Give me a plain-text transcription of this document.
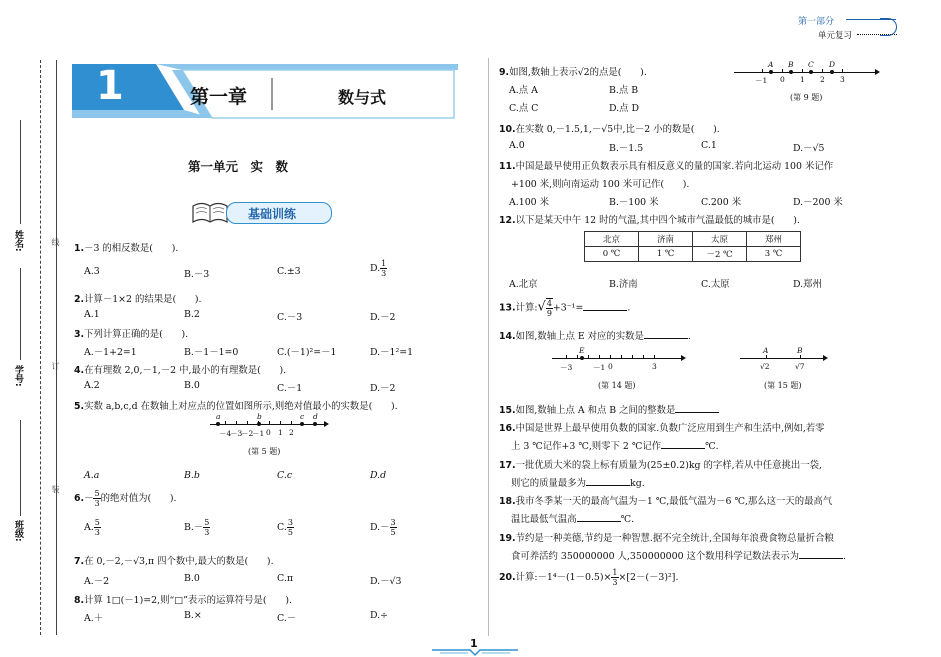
线
订
装
姓名:
学号:
班级:
第一部分
单元复习
1	第一章	数与式
第一单元　实　数
基础训练
1.－3 的相反数是(　　).
A.3	B.－3	C.±3	D. $\frac{1}{3}$
2.计算－1×2 的结果是(　　).
A.1	B.2	C.－3	D.－2
3.下列计算正确的是(　　).
A.－1+2=1	B.－1－1=0	C.(－1)²=－1	D.－1²=1
4.在有理数 2,0,－1,－2 中,最小的有理数是(　　).
A.2	B.0	C.－1	D.－2
5.实数 a,b,c,d 在数轴上对应点的位置如图所示,则绝对值最小的实数是(　　).
－4
－3
－2
－1 0 1 2
a	b	c d
(第 5 题)
A.a	B.b	C.c	D.d
$6.- \frac{5}{3}$ 的绝对值为(　　).
A. $\frac{5}{3}$	$B.- \frac{5}{3}$	C. $\frac{3}{5}$	$D.- \frac{3}{5}$
7.在 0,－2,－√3,π 四个数中,最大的数是(　　).
A.－2	B.0	C.π	D.－√3
8.计算 1□(－1)=2,则“□”表示的运算符号是(　　).
A.＋	B.×	C.－	D.÷
9.如图,数轴上表示√2的点是(　　).
A.点 A	B.点 B
C.点 C	D.点 D
－1 0 1 2 3
A B C D
(第 9 题)
10.在实数 0,－1.5,1,－√5中,比－2 小的数是(　　).
A.0	B.－1.5	C.1	D.－√5
11.中国是最早使用正负数表示具有相反意义的量的国家.若向北运动 100 米记作
+100 米,则向南运动 100 米可记作(　　).
A.100 米	B.－100 米	C.200 米	D.－200 米
12.以下是某天中午 12 时的气温,其中四个城市气温最低的城市是(　　).
北京	济南	太原	郑州
0 ℃	1 ℃	－2 ℃	3 ℃
A.北京	B.济南	C.太原	D.郑州
13.计算:√ $\frac{4}{9} +3^{-1}=$	.
14.如图,数轴上点 E 对应的实数是	.
－3	－1 0	3
E
(第 14 题)
A	B
√2	√7
(第 15 题)
15.如图,数轴上点 A 和点 B 之间的整数是
16.中国是世界上最早使用负数的国家.负数广泛应用到生产和生活中,例如,若零
上 3 ℃记作+3 ℃,则零下 2 ℃记作	℃.
17.一批优质大米的袋上标有质量为(25±0.2)kg 的字样,若从中任意挑出一袋,
则它的质量最多为	kg.
18.我市冬季某一天的最高气温为－1 ℃,最低气温为－6 ℃,那么这一天的最高气
温比最低气温高	℃.
19.节约是一种美德,节约是一种智慧.据不完全统计,全国每年浪费食物总量折合粮
食可养活约 350000000 人,350000000 这个数用科学记数法表示为	.
20.计算:－1⁴－(1－0.5)× $\frac{1}{3} \times[2-(-3)^2]$.
1
